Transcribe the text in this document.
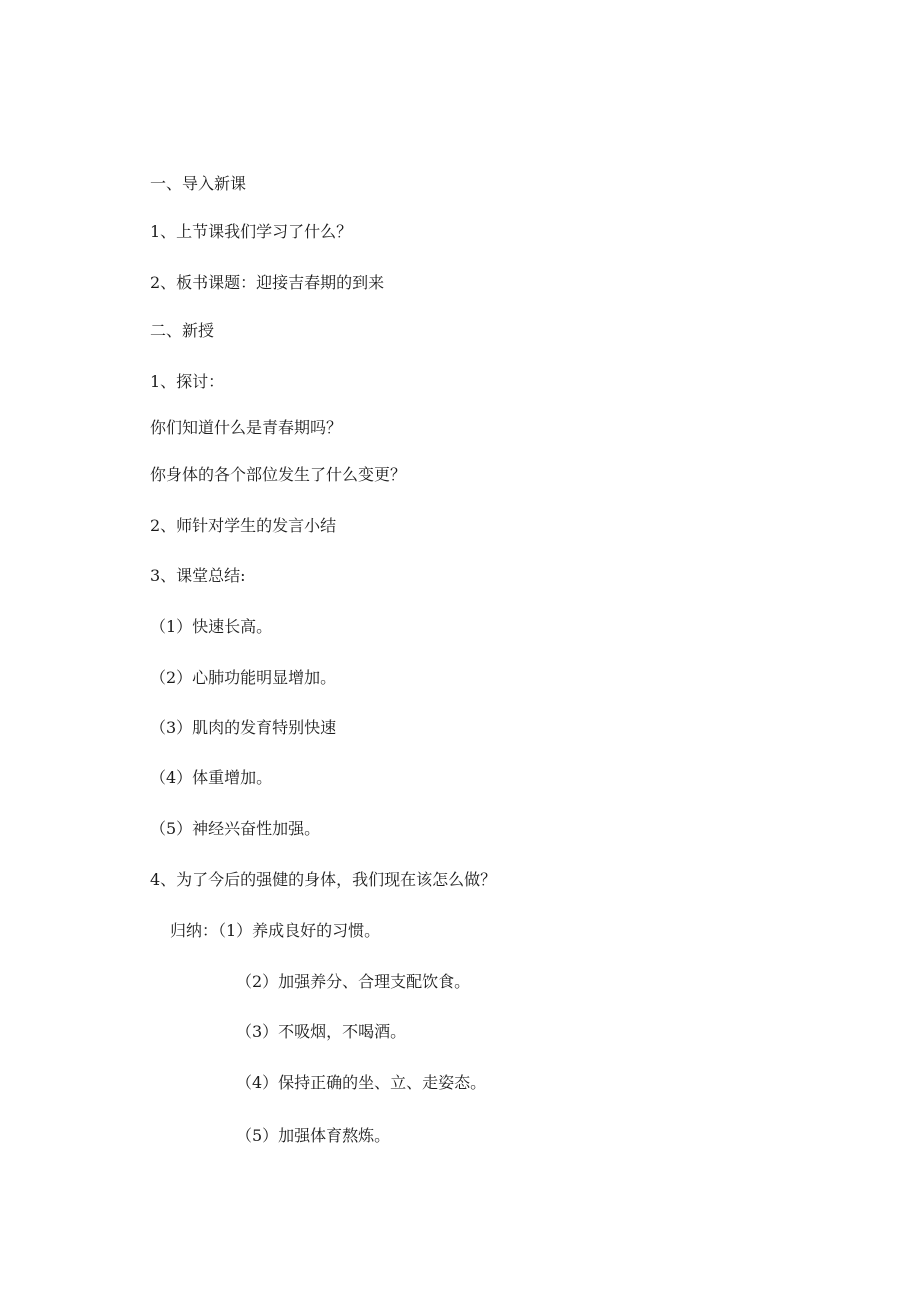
一、导入新课
1、上节课我们学习了什么？
2、板书课题：迎接吉春期的到来
二、新授
1、探讨：
你们知道什么是青春期吗？
你身体的各个部位发生了什么变更？
2、师针对学生的发言小结
3、课堂总结:
（1）快速长高。
（2）心肺功能明显增加。
（3）肌肉的发育特别快速
（4）体重增加。
（5）神经兴奋性加强。
4、为了今后的强健的身体，我们现在该怎么做？
归纳：（1）养成良好的习惯。
（2）加强养分、合理支配饮食。
（3）不吸烟，不喝酒。
（4）保持正确的坐、立、走姿态。
（5）加强体育熬炼。
